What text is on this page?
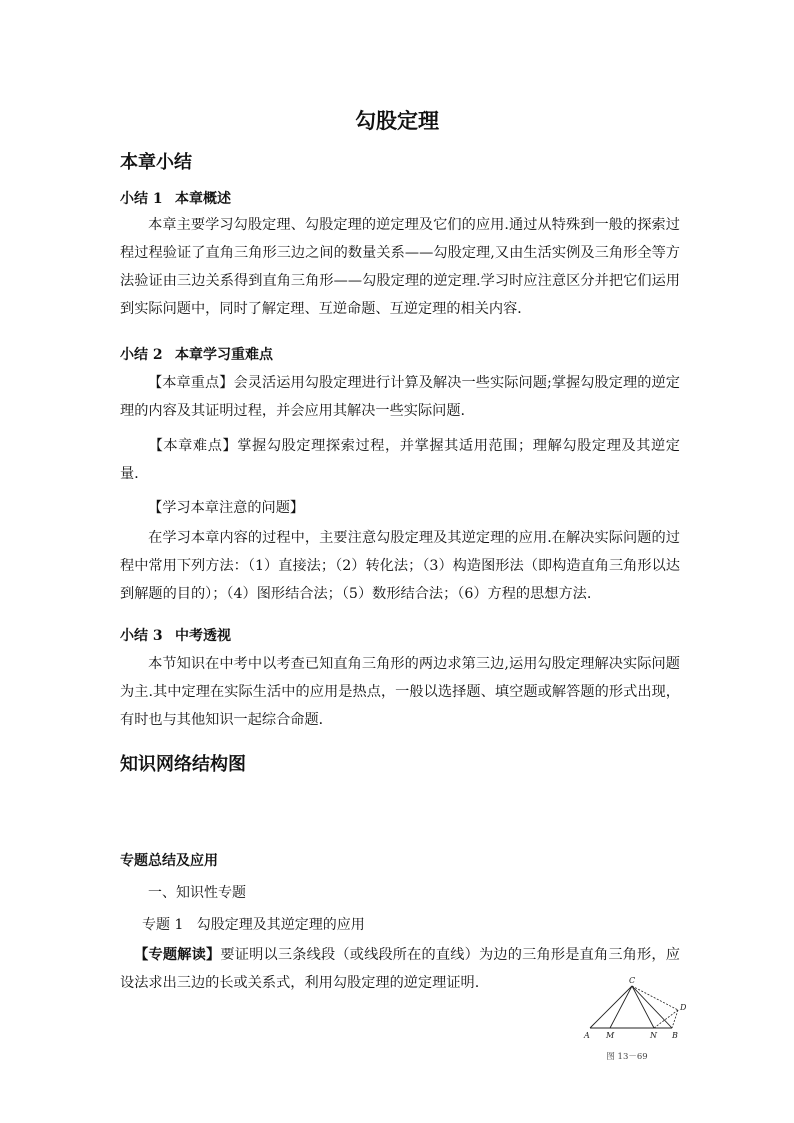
勾股定理
本章小结
小结 1 本章概述
本章主要学习勾股定理、勾股定理的逆定理及它们的应用.通过从特殊到一般的探索过程过程验证了直角三角形三边之间的数量关系——勾股定理,又由生活实例及三角形全等方法验证由三边关系得到直角三角形——勾股定理的逆定理.学习时应注意区分并把它们运用到实际问题中，同时了解定理、互逆命题、互逆定理的相关内容．
小结 2 本章学习重难点
【本章重点】会灵活运用勾股定理进行计算及解决一些实际问题;掌握勾股定理的逆定理的内容及其证明过程，并会应用其解决一些实际问题.
【本章难点】掌握勾股定理探索过程，并掌握其适用范围；理解勾股定理及其逆定量．
【学习本章注意的问题】
在学习本章内容的过程中，主要注意勾股定理及其逆定理的应用.在解决实际问题的过程中常用下列方法：（1）直接法；（2）转化法；（3）构造图形法（即构造直角三角形以达到解题的目的）；（4）图形结合法；（5）数形结合法；（6）方程的思想方法.
小结 3 中考透视
本节知识在中考中以考查已知直角三角形的两边求第三边,运用勾股定理解决实际问题为主.其中定理在实际生活中的应用是热点，一般以选择题、填空题或解答题的形式出现，有时也与其他知识一起综合命题．
知识网络结构图
专题总结及应用
一、知识性专题
专题 1 勾股定理及其逆定理的应用
【专题解读】要证明以三条线段（或线段所在的直线）为边的三角形是直角三角形，应设法求出三边的长或关系式，利用勾股定理的逆定理证明.
A M	N B
C
D
图 13－69
